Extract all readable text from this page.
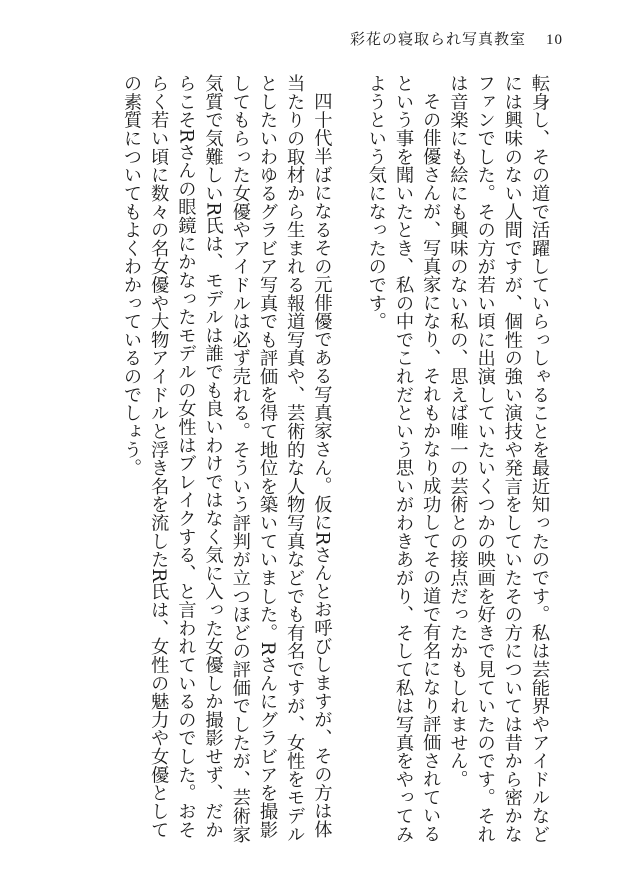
彩花の寝取られ写真教室 10

転身し、その道で活躍していらっしゃることを最近知ったのです。私は芸能界やアイドルなどには興味のない人間ですが、個性の強い演技や発言をしていたその方については昔から密かなファンでした。その方が若い頃に出演していたいくつかの映画を好きで見ていたのです。それは音楽にも絵にも興味のない私の、思えば唯一の芸術との接点だったかもしれません。

その俳優さんが、写真家になり、それもかなり成功してその道で有名になり評価されているという事を聞いたとき、私の中でこれだという思いがわきあがり、そして私は写真をやってみようという気になったのです。

四十代半ばになるその元俳優である写真家さん。仮にRさんとお呼びしますが、その方は体当たりの取材から生まれる報道写真や、芸術的な人物写真などでも有名ですが、女性をモデルとしたいわゆるグラビア写真でも評価を得て地位を築いていました。Rさんにグラビアを撮影してもらった女優やアイドルは必ず売れる。そういう評判が立つほどの評価でしたが、芸術家気質で気難しいR氏は、モデルは誰でも良いわけではなく気に入った女優しか撮影せず、だからこそRさんの眼鏡にかなったモデルの女性はブレイクする、と言われているのでした。おそらく若い頃に数々の名女優や大物アイドルと浮き名を流したR氏は、女性の魅力や女優としての素質についてもよくわかっているのでしょう。
